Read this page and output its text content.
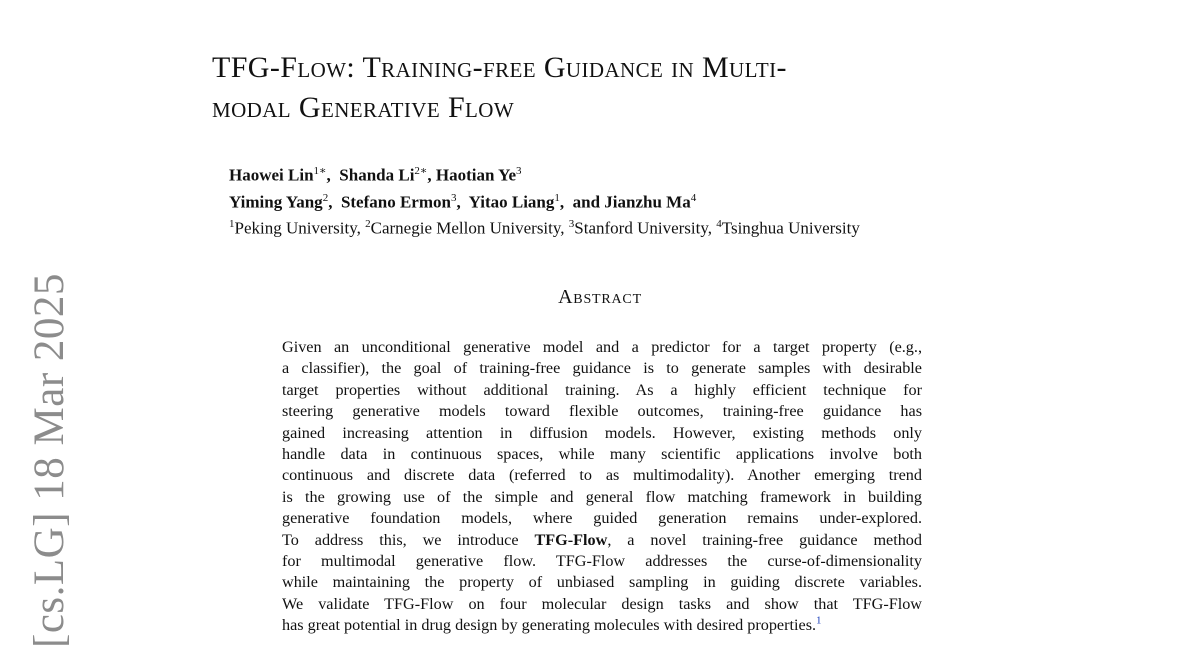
[cs.LG] 18 Mar 2025
TFG-Flow: Training-free Guidance in Multi-
modal Generative Flow
Haowei Lin$^{1∗}$,  Shanda $Li^{2∗}$, Haotian Ye$^3$
Yiming Yang$^2$,  Stefano Ermon$^3$,  Yitao Liang$^1$,  and Jianzhu Ma$^4$
$^1$Peking University, $^2$Carnegie Mellon University, $^3$Stanford University, $^4$Tsinghua University
Abstract
Given an unconditional generative model and a predictor for a target property (e.g.,
a classifier), the goal of training-free guidance is to generate samples with desirable
target properties without additional training. As a highly efficient technique for
steering generative models toward flexible outcomes, training-free guidance has
gained increasing attention in diffusion models. However, existing methods only
handle data in continuous spaces, while many scientific applications involve both
continuous and discrete data (referred to as multimodality). Another emerging trend
is the growing use of the simple and general flow matching framework in building
generative foundation models, where guided generation remains under-explored.
To address this, we introduce TFG-Flow, a novel training-free guidance method
for multimodal generative flow. TFG-Flow addresses the curse-of-dimensionality
while maintaining the property of unbiased sampling in guiding discrete variables.
We validate TFG-Flow on four molecular design tasks and show that TFG-Flow
has great potential in drug design by generating molecules with desired properties.$^1$
